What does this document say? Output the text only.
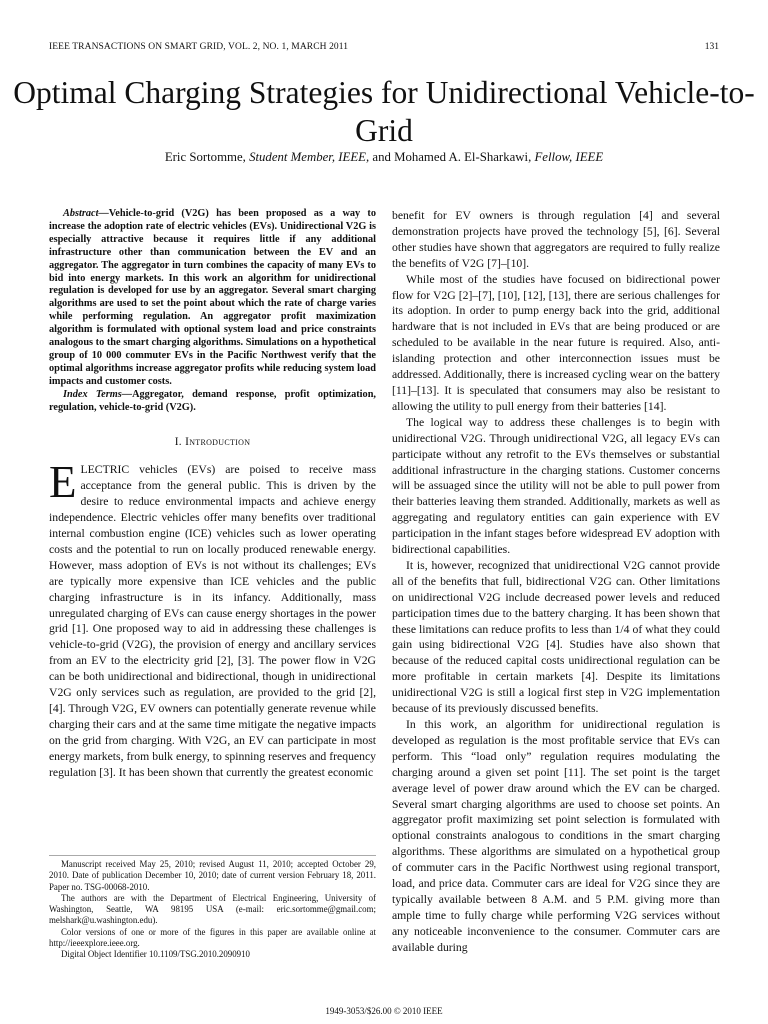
IEEE TRANSACTIONS ON SMART GRID, VOL. 2, NO. 1, MARCH 2011	131
Optimal Charging Strategies for Unidirectional Vehicle-to-Grid
Eric Sortomme, Student Member, IEEE, and Mohamed A. El-Sharkawi, Fellow, IEEE

Abstract—Vehicle-to-grid (V2G) has been proposed as a way to increase the adoption rate of electric vehicles (EVs). Unidirectional V2G is especially attractive because it requires little if any additional infrastructure other than communication between the EV and an aggregator. The aggregator in turn combines the capacity of many EVs to bid into energy markets. In this work an algorithm for unidirectional regulation is developed for use by an aggregator. Several smart charging algorithms are used to set the point about which the rate of charge varies while performing regulation. An aggregator profit maximization algorithm is formulated with optional system load and price constraints analogous to the smart charging algorithms. Simulations on a hypothetical group of 10 000 commuter EVs in the Pacific Northwest verify that the optimal algorithms increase aggregator profits while reducing system load impacts and customer costs.

Index Terms—Aggregator, demand response, profit optimization, regulation, vehicle-to-grid (V2G).

I. Introduction

ELECTRIC vehicles (EVs) are poised to receive mass acceptance from the general public. This is driven by the desire to reduce environmental impacts and achieve energy independence. Electric vehicles offer many benefits over traditional internal combustion engine (ICE) vehicles such as lower operating costs and the potential to run on locally produced renewable energy. However, mass adoption of EVs is not without its challenges; EVs are typically more expensive than ICE vehicles and the public charging infrastructure is in its infancy. Additionally, mass unregulated charging of EVs can cause energy shortages in the power grid [1]. One proposed way to aid in addressing these challenges is vehicle-to-grid (V2G), the provision of energy and ancillary services from an EV to the electricity grid [2], [3]. The power flow in V2G can be both unidirectional and bidirectional, though in unidirectional V2G only services such as regulation, are provided to the grid [2], [4]. Through V2G, EV owners can potentially generate revenue while charging their cars and at the same time mitigate the negative impacts on the grid from charging. With V2G, an EV can participate in most energy markets, from bulk energy, to spinning reserves and frequency regulation [3]. It has been shown that currently the greatest economic

Manuscript received May 25, 2010; revised August 11, 2010; accepted October 29, 2010. Date of publication December 10, 2010; date of current version February 18, 2011. Paper no. TSG-00068-2010.

The authors are with the Department of Electrical Engineering, University of Washington, Seattle, WA 98195 USA (e-mail: eric.sortomme@gmail.com; melshark@u.washington.edu).

Color versions of one or more of the figures in this paper are available online at http://ieeexplore.ieee.org.

Digital Object Identifier 10.1109/TSG.2010.2090910

benefit for EV owners is through regulation [4] and several demonstration projects have proved the technology [5], [6]. Several other studies have shown that aggregators are required to fully realize the benefits of V2G [7]–[10].

While most of the studies have focused on bidirectional power flow for V2G [2]–[7], [10], [12], [13], there are serious challenges for its adoption. In order to pump energy back into the grid, additional hardware that is not included in EVs that are being produced or are scheduled to be available in the near future is required. Also, anti-islanding protection and other interconnection issues must be addressed. Additionally, there is increased cycling wear on the battery [11]–[13]. It is speculated that consumers may also be resistant to allowing the utility to pull energy from their batteries [14].

The logical way to address these challenges is to begin with unidirectional V2G. Through unidirectional V2G, all legacy EVs can participate without any retrofit to the EVs themselves or substantial additional infrastructure in the charging stations. Customer concerns will be assuaged since the utility will not be able to pull power from their batteries leaving them stranded. Additionally, markets as well as aggregating and regulatory entities can gain experience with EV participation in the infant stages before widespread EV adoption with bidirectional capabilities.

It is, however, recognized that unidirectional V2G cannot provide all of the benefits that full, bidirectional V2G can. Other limitations on unidirectional V2G include decreased power levels and reduced participation times due to the battery charging. It has been shown that these limitations can reduce profits to less than 1/4 of what they could gain using bidirectional V2G [4]. Studies have also shown that because of the reduced capital costs unidirectional regulation can be more profitable in certain markets [4]. Despite its limitations unidirectional V2G is still a logical first step in V2G implementation because of its previously discussed benefits.

In this work, an algorithm for unidirectional regulation is developed as regulation is the most profitable service that EVs can perform. This “load only” regulation requires modulating the charging around a given set point [11]. The set point is the target average level of power draw around which the EV can be charged. Several smart charging algorithms are used to choose set points. An aggregator profit maximizing set point selection is formulated with optional constraints analogous to conditions in the smart charging algorithms. These algorithms are simulated on a hypothetical group of commuter cars in the Pacific Northwest using regional transport, load, and price data. Commuter cars are ideal for V2G since they are typically available between 8 A.M. and 5 P.M. giving more than ample time to fully charge while performing V2G services without any noticeable inconvenience to the consumer. Commuter cars are available during

1949-3053/$26.00 © 2010 IEEE
